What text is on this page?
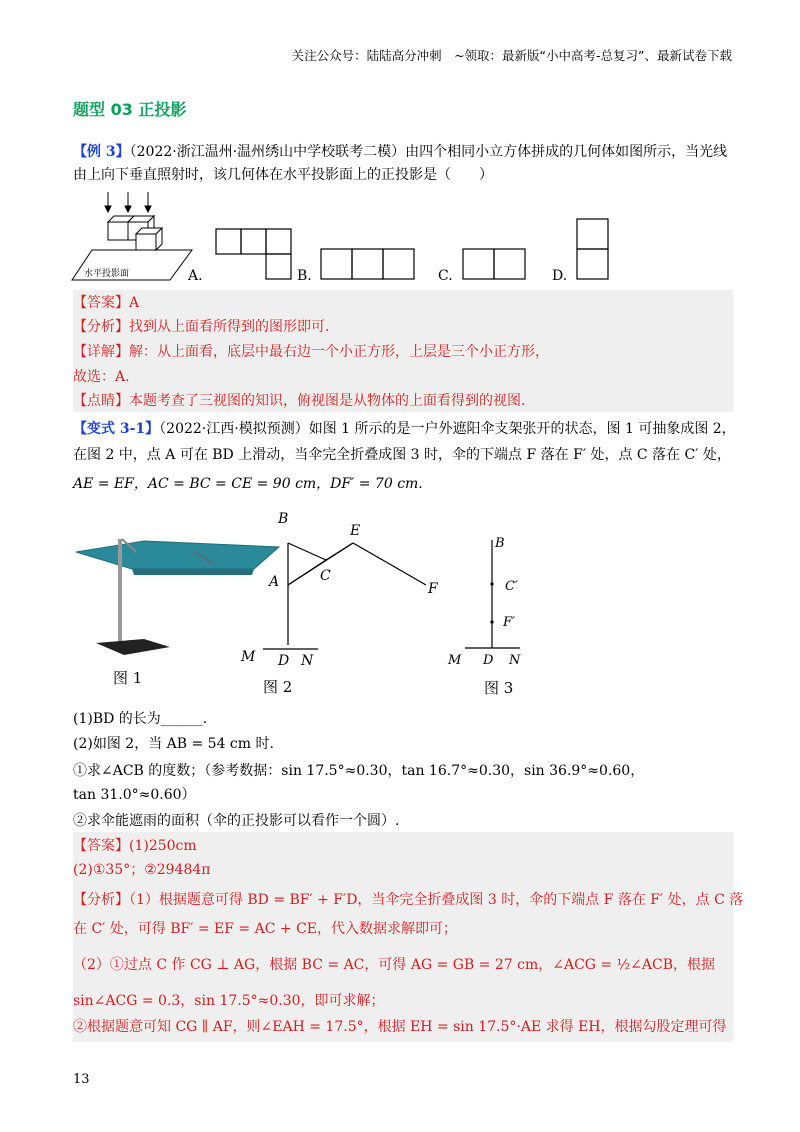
关注公众号：陆陆高分冲刺　~领取：最新版“小中高考-总复习”、最新试卷下载
题型 03 正投影
【例 3】（2022·浙江温州·温州绣山中学校联考二模）由四个相同小立方体拼成的几何体如图所示，当光线
由上向下垂直照射时，该几何体在水平投影面上的正投影是（　　）
水平投影面	A.	B.	C.	D.
【答案】A
【分析】找到从上面看所得到的图形即可.
【详解】解：从上面看，底层中最右边一个小正方形，上层是三个小正方形，
故选：A.
【点睛】本题考查了三视图的知识，俯视图是从物体的上面看得到的视图.
【变式 3-1】（2022·江西·模拟预测）如图 1 所示的是一户外遮阳伞支架张开的状态，图 1 可抽象成图 2，
在图 2 中，点 A 可在 BD 上滑动，当伞完全折叠成图 3 时，伞的下端点 F 落在 F′ 处，点 C 落在 C′ 处，
AE = EF，AC = BC = CE = 90 cm，DF′ = 70 cm.
图 1
B
E
C
A	F
M D N
图 2
B
C′
F′
M D N
图 3
(1)BD 的长为______.
(2)如图 2，当 AB = 54 cm 时.
①求∠ACB 的度数；（参考数据：sin 17.5°≈0.30，tan 16.7°≈0.30，sin 36.9°≈0.60，
tan 31.0°≈0.60）
②求伞能遮雨的面积（伞的正投影可以看作一个圆）.
【答案】(1)250cm
(2)①35°；②29484π
【分析】（1）根据题意可得 BD = BF′ + F′D，当伞完全折叠成图 3 时，伞的下端点 F 落在 F′ 处，点 C 落
在 C′ 处，可得 BF′ = EF = AC + CE，代入数据求解即可；
（2）①过点 C 作 CG ⊥ AG，根据 BC = AC，可得 AG = GB = 27 cm，∠ACG = ½∠ACB，根据
sin∠ACG = 0.3，sin 17.5°≈0.30，即可求解；
②根据题意可知 CG ∥ AF，则∠EAH = 17.5°，根据 EH = sin 17.5°·AE 求得 EH，根据勾股定理可得
13
